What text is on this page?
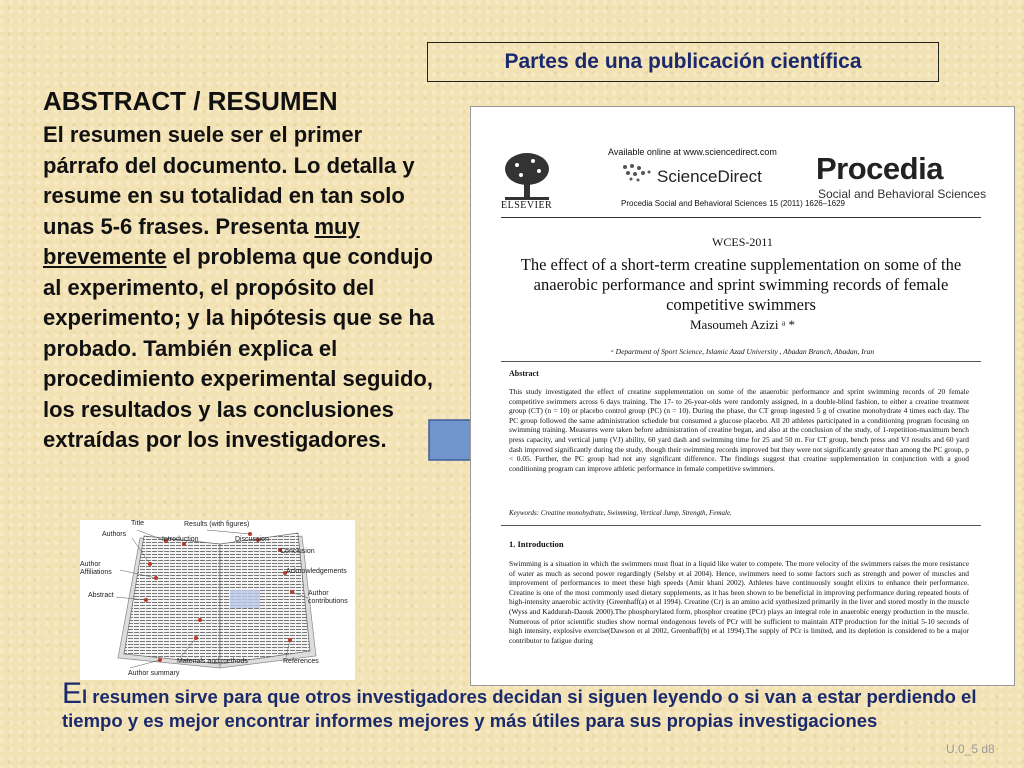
Partes de una publicación científica
ABSTRACT / RESUMEN
El resumen suele ser el primer párrafo del documento. Lo detalla y resume en su totalidad en tan solo unas 5-6 frases. Presenta muy brevemente el problema que condujo al experimento, el propósito del experimento; y la hipótesis que se ha probado. También explica el procedimiento experimental seguido, los resultados y las conclusiones extraídas por los investigadores.
Title	Results (with figures)
Authors
Introduction	Discussion
Conclusion
Author
Affiliations	Acknowledgements
Abstract	Author
contributions
Materials and methods	References
Author summary
ELSEVIER
Available online at www.sciencedirect.com
ScienceDirect
Procedia Social and Behavioral Sciences 15 (2011) 1626–1629
Procedia
Social and Behavioral Sciences
WCES-2011
The effect of a short-term creatine supplementation on some of the anaerobic performance and sprint swimming records of female competitive swimmers
Masoumeh Azizi ᵃ *
ᵃ Department of Sport Science, Islamic Azad University , Abadan Branch, Abadan, Iran
Abstract
This study investigated the effect of creatine supplementation on some of the anaerobic performance and sprint swimming records of 20 female competitive swimmers across 6 days training. The 17- to 26-year-olds were randomly assigned, in a double-blind fashion, to either a creatine treatment group (CT) (n = 10) or placebo control group (PC) (n = 10). During the phase, the CT group ingested 5 g of creatine monohydrate 4 times each day. The PC group followed the same administration schedule but consumed a glucose placebo. All 20 athletes participated in a conditioning program focusing on swimming training. Measures were taken before administration of creatine began, and also at the conclusion of the study, of 1-repetition-maximum bench press capacity, and vertical jump (VJ) ability, 60 yard dash and swimming time for 25 and 50 m. For CT group, bench press and VJ results and 60 yard dash improved significantly during the study, though their swimming records improved but they were not significantly greater than among the PC group, p < 0.05. Further, the PC group had not any significant difference. The findings suggest that creatine supplementation in conjunction with a good conditioning program can improve athletic performance in female competitive swimmers.
Keywords: Creatine monohydrate, Swimming, Vertical Jump, Strength, Female.
1. Introduction
Swimming is a situation in which the swimmers must float in a liquid like water to compete. The more velocity of the swimmers raises the more resistance of water as much as second power regardingly (Selsby et al 2004). Hence, swimmers need to some factors such as strength and power of muscles and improvement of performances to meet these high speeds (Amir khani 2002). Athletes have continuously sought elixirs to enhance their performance. Creatine is one of the most commonly used dietary supplements, as it has been shown to be beneficial in improving performance during repeated bouts of high-intensity anaerobic activity (Greenhaff(a) et al 1994). Creatine (Cr) is an amino acid synthesized primarily in the liver and stored mostly in the muscle (Wyss and Kaddurah-Daouk 2000).The phosphorylated form, phosphor creatine (PCr) plays an integral role in anaerobic energy production in the muscle. Numerous of prior scientific studies show normal endogenous levels of PCr will be sufficient to maintain ATP production for the initial 5-10 seconds of high intensity, explosive exercise(Dawson et al 2002, Greenhaff(b) et al 1994).The supply of PCr is limited, and its depletion is considered to be a major contributor to fatigue during
El resumen sirve para que otros investigadores decidan si siguen leyendo o si van a estar perdiendo el tiempo y es mejor encontrar informes mejores y más útiles para sus propias investigaciones
U.0_5 d8
